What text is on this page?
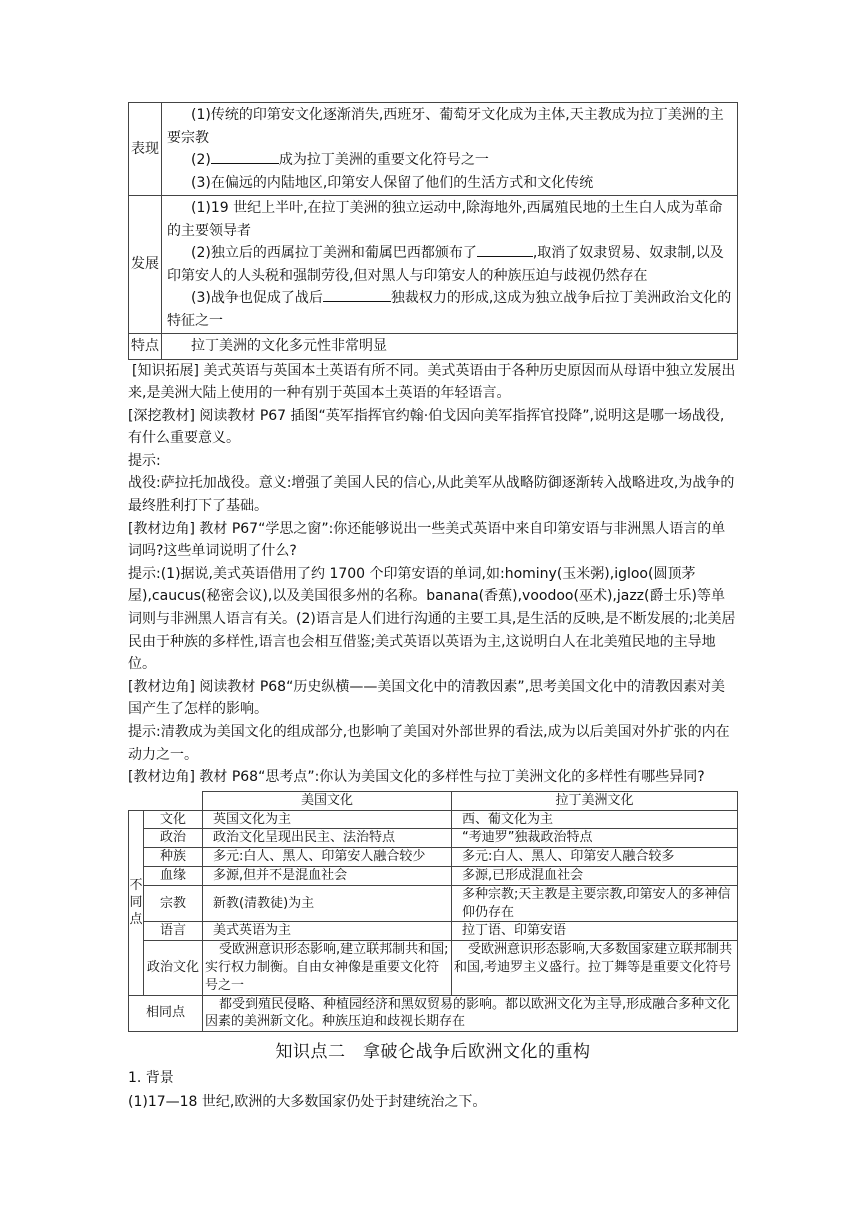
表现	(1)传统的印第安文化逐渐消失,西班牙、葡萄牙文化成为主体,天主教成为拉丁美洲的主要宗教

(2) 成为拉丁美洲的重要文化符号之一

(3)在偏远的内陆地区,印第安人保留了他们的生活方式和文化传统

发展	(1)19 世纪上半叶,在拉丁美洲的独立运动中,除海地外,西属殖民地的土生白人成为革命的主要领导者

(2)独立后的西属拉丁美洲和葡属巴西都颁布了 ,取消了奴隶贸易、奴隶制,以及印第安人的人头税和强制劳役,但对黑人与印第安人的种族压迫与歧视仍然存在

(3)战争也促成了战后 独裁权力的形成,这成为独立战争后拉丁美洲政治文化的特征之一

特点	拉丁美洲的文化多元性非常明显

[知识拓展] 美式英语与英国本土英语有所不同。美式英语由于各种历史原因而从母语中独立发展出来,是美洲大陆上使用的一种有别于英国本土英语的年轻语言。

[深挖教材] 阅读教材 P67 插图“英军指挥官约翰·伯戈因向美军指挥官投降”,说明这是哪一场战役,有什么重要意义。

提示:

战役:萨拉托加战役。意义:增强了美国人民的信心,从此美军从战略防御逐渐转入战略进攻,为战争的最终胜利打下了基础。

[教材边角] 教材 P67“学思之窗”:你还能够说出一些美式英语中来自印第安语与非洲黑人语言的单词吗?这些单词说明了什么?

提示:(1)据说,美式英语借用了约 1700 个印第安语的单词,如:hominy(玉米粥),igloo(圆顶茅屋),caucus(秘密会议),以及美国很多州的名称。banana(香蕉),voodoo(巫术),jazz(爵士乐)等单词则与非洲黑人语言有关。(2)语言是人们进行沟通的主要工具,是生活的反映,是不断发展的;北美居民由于种族的多样性,语言也会相互借鉴;美式英语以英语为主,这说明白人在北美殖民地的主导地位。

[教材边角] 阅读教材 P68“历史纵横——美国文化中的清教因素”,思考美国文化中的清教因素对美国产生了怎样的影响。

提示:清教成为美国文化的组成部分,也影响了美国对外部世界的看法,成为以后美国对外扩张的内在动力之一。

[教材边角] 教材 P68“思考点”:你认为美国文化的多样性与拉丁美洲文化的多样性有哪些异同?

		美国文化	拉丁美洲文化
不同点	文化	英国文化为主	西、葡文化为主
	政治	政治文化呈现出民主、法治特点	“考迪罗”独裁政治特点
	种族	多元:白人、黑人、印第安人融合较少	多元:白人、黑人、印第安人融合较多
	血缘	多源,但并不是混血社会	多源,已形成混血社会
	宗教	新教(清教徒)为主	多种宗教;天主教是主要宗教,印第安人的多神信仰仍存在
	语言	美式英语为主	拉丁语、印第安语
	政治文化	受欧洲意识形态影响,建立联邦制共和国;实行权力制衡。自由女神像是重要文化符号之一	受欧洲意识形态影响,大多数国家建立联邦制共和国,考迪罗主义盛行。拉丁舞等是重要文化符号
相同点		都受到殖民侵略、种植园经济和黑奴贸易的影响。都以欧洲文化为主导,形成融合多种文化因素的美洲新文化。种族压迫和歧视长期存在	

知识点二　拿破仑战争后欧洲文化的重构

1. 背景

(1)17—18 世纪,欧洲的大多数国家仍处于封建统治之下。
